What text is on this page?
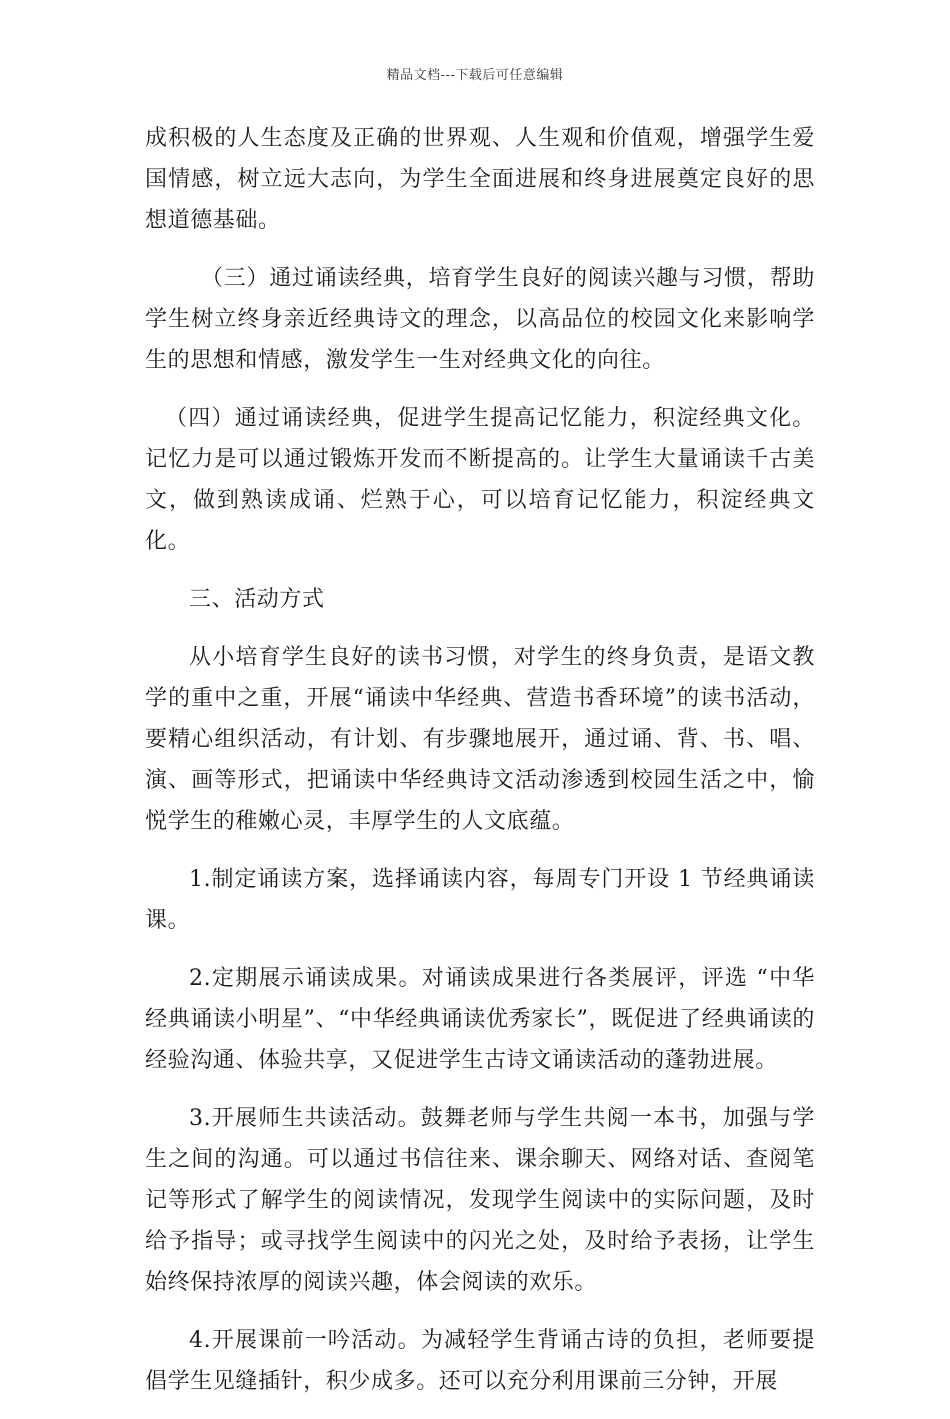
精品文档---下载后可任意编辑

成积极的人生态度及正确的世界观、人生观和价值观，增强学生爱国情感，树立远大志向，为学生全面进展和终身进展奠定良好的思想道德基础。

（三）通过诵读经典，培育学生良好的阅读兴趣与习惯，帮助学生树立终身亲近经典诗文的理念，以高品位的校园文化来影响学生的思想和情感，激发学生一生对经典文化的向往。

（四）通过诵读经典，促进学生提高记忆能力，积淀经典文化。记忆力是可以通过锻炼开发而不断提高的。让学生大量诵读千古美文，做到熟读成诵、烂熟于心，可以培育记忆能力，积淀经典文化。

三、活动方式

从小培育学生良好的读书习惯，对学生的终身负责，是语文教学的重中之重，开展“诵读中华经典、营造书香环境”的读书活动，要精心组织活动，有计划、有步骤地展开，通过诵、背、书、唱、演、画等形式，把诵读中华经典诗文活动渗透到校园生活之中，愉悦学生的稚嫩心灵，丰厚学生的人文底蕴。

1.制定诵读方案，选择诵读内容，每周专门开设 1 节经典诵读课。

2.定期展示诵读成果。对诵读成果进行各类展评，评选 “中华经典诵读小明星”、“中华经典诵读优秀家长”，既促进了经典诵读的经验沟通、体验共享，又促进学生古诗文诵读活动的蓬勃进展。

3.开展师生共读活动。鼓舞老师与学生共阅一本书，加强与学生之间的沟通。可以通过书信往来、课余聊天、网络对话、查阅笔记等形式了解学生的阅读情况，发现学生阅读中的实际问题，及时给予指导；或寻找学生阅读中的闪光之处，及时给予表扬，让学生始终保持浓厚的阅读兴趣，体会阅读的欢乐。

4.开展课前一吟活动。为减轻学生背诵古诗的负担，老师要提倡学生见缝插针，积少成多。还可以充分利用课前三分钟，开展
